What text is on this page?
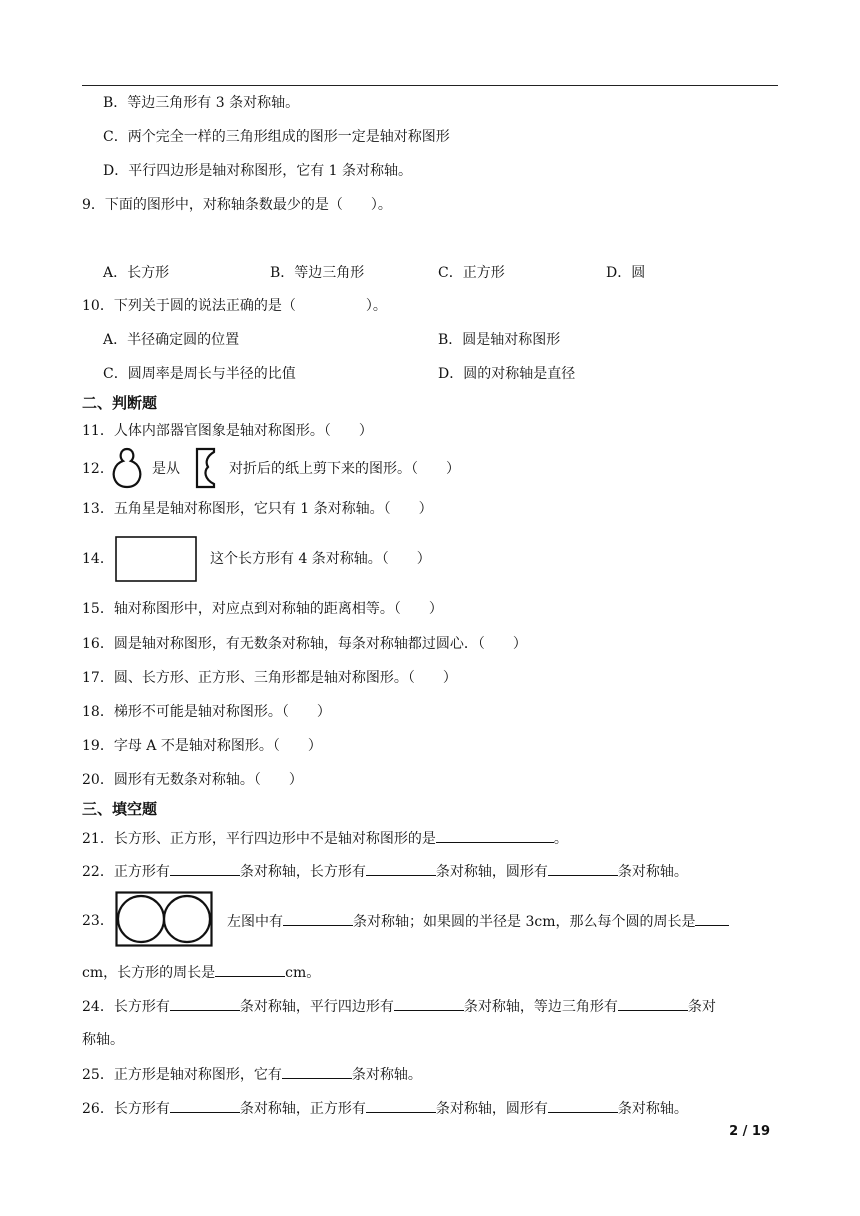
B．等边三角形有 3 条对称轴。
C．两个完全一样的三角形组成的图形一定是轴对称图形
D．平行四边形是轴对称图形，它有 1 条对称轴。
9．下面的图形中，对称轴条数最少的是（　　）。
A．长方形	B．等边三角形	C．正方形	D．圆
10．下列关于圆的说法正确的是（　　　　　）。
A．半径确定圆的位置	B．圆是轴对称图形
C．圆周率是周长与半径的比值	D．圆的对称轴是直径
二、判断题
11．人体内部器官图象是轴对称图形。（　　）
12．	是从	对折后的纸上剪下来的图形。（　　）
13．五角星是轴对称图形，它只有 1 条对称轴。（　　）
14．	这个长方形有 4 条对称轴。（　　）
15．轴对称图形中，对应点到对称轴的距离相等。（　　）
16．圆是轴对称图形，有无数条对称轴，每条对称轴都过圆心．（　　）
17．圆、长方形、正方形、三角形都是轴对称图形。（　　）
18．梯形不可能是轴对称图形。（　　）
19．字母 A 不是轴对称图形。（　　）
20．圆形有无数条对称轴。（　　）
三、填空题
21．长方形、正方形，平行四边形中不是轴对称图形的是	。
22．正方形有	条对称轴，长方形有	条对称轴，圆形有	条对称轴。
23．	左图中有	条对称轴；如果圆的半径是 3cm，那么每个圆的周长是
cm，长方形的周长是	cm。
24．长方形有	条对称轴，平行四边形有	条对称轴，等边三角形有	条对
称轴。
25．正方形是轴对称图形，它有	条对称轴。
26．长方形有	条对称轴，正方形有	条对称轴，圆形有	条对称轴。
2 / 19
